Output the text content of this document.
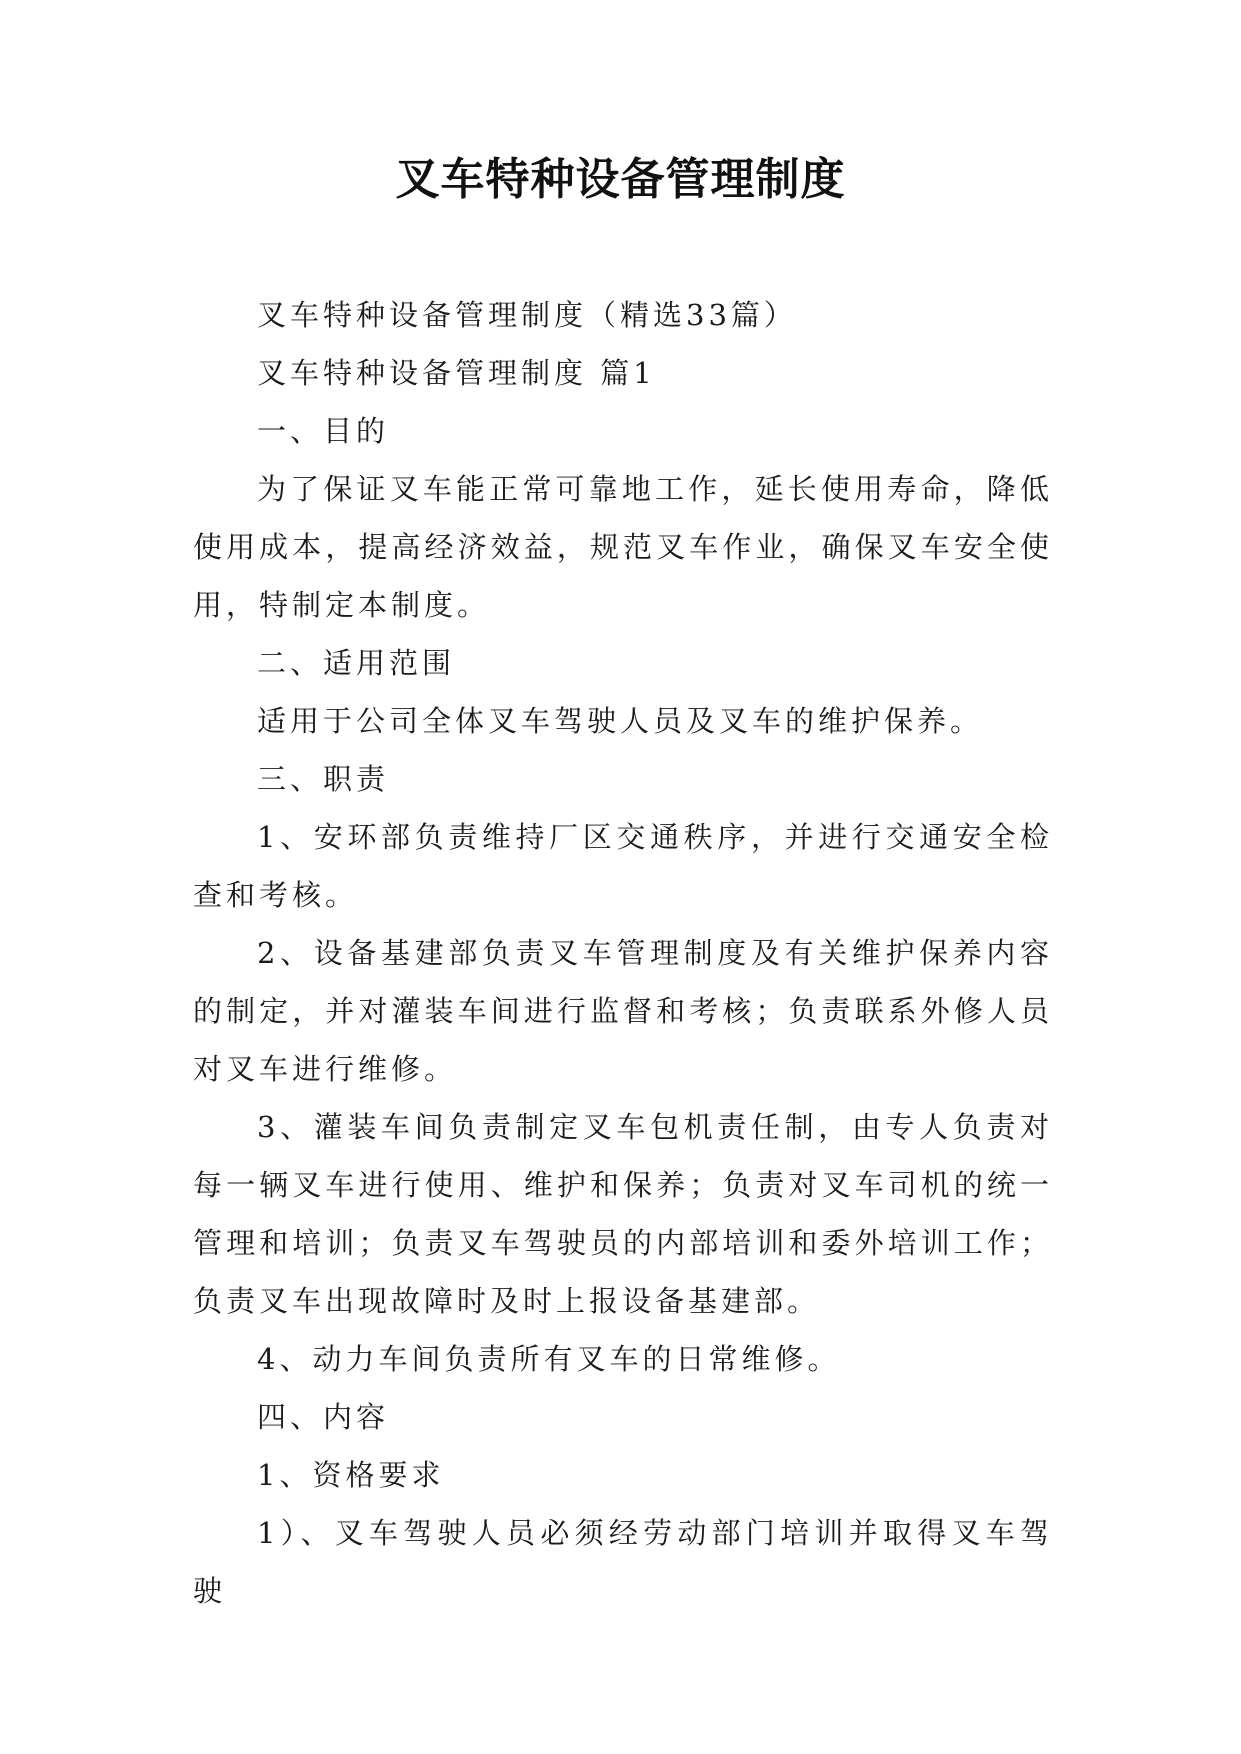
叉车特种设备管理制度

叉车特种设备管理制度（精选33篇）

叉车特种设备管理制度 篇1

一、目的

为了保证叉车能正常可靠地工作，延长使用寿命，降低使用成本，提高经济效益，规范叉车作业，确保叉车安全使用，特制定本制度。

二、适用范围

适用于公司全体叉车驾驶人员及叉车的维护保养。

三、职责

1、安环部负责维持厂区交通秩序，并进行交通安全检查和考核。

2、设备基建部负责叉车管理制度及有关维护保养内容的制定，并对灌装车间进行监督和考核；负责联系外修人员对叉车进行维修。

3、灌装车间负责制定叉车包机责任制，由专人负责对每一辆叉车进行使用、维护和保养；负责对叉车司机的统一管理和培训；负责叉车驾驶员的内部培训和委外培训工作；负责叉车出现故障时及时上报设备基建部。

4、动力车间负责所有叉车的日常维修。

四、内容

1、资格要求

1）、叉车驾驶人员必须经劳动部门培训并取得叉车驾驶
